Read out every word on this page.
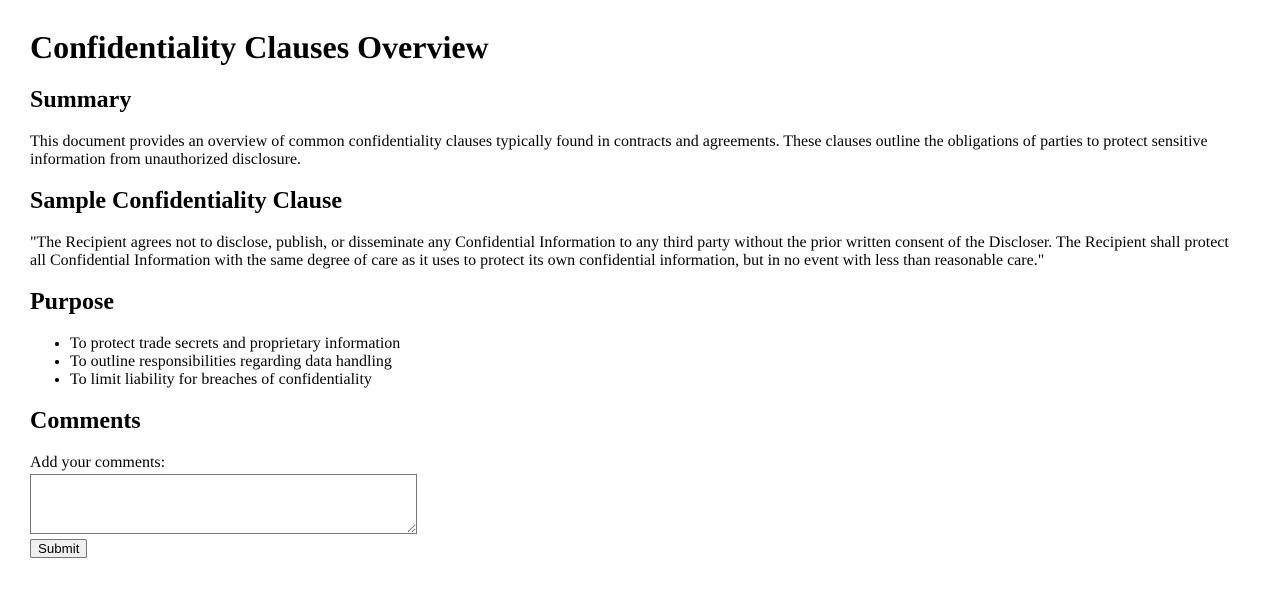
Confidentiality Clauses Overview
Summary

This document provides an overview of common confidentiality clauses typically found in contracts and agreements. These clauses outline the obligations of parties to protect sensitive information from unauthorized disclosure.

Sample Confidentiality Clause

"The Recipient agrees not to disclose, publish, or disseminate any Confidential Information to any third party without the prior written consent of the Discloser. The Recipient shall protect all Confidential Information with the same degree of care as it uses to protect its own confidential information, but in no event with less than reasonable care."

Purpose
• To protect trade secrets and proprietary information
• To outline responsibilities regarding data handling
• To limit liability for breaches of confidentiality
Comments
Add your comments:
Submit
